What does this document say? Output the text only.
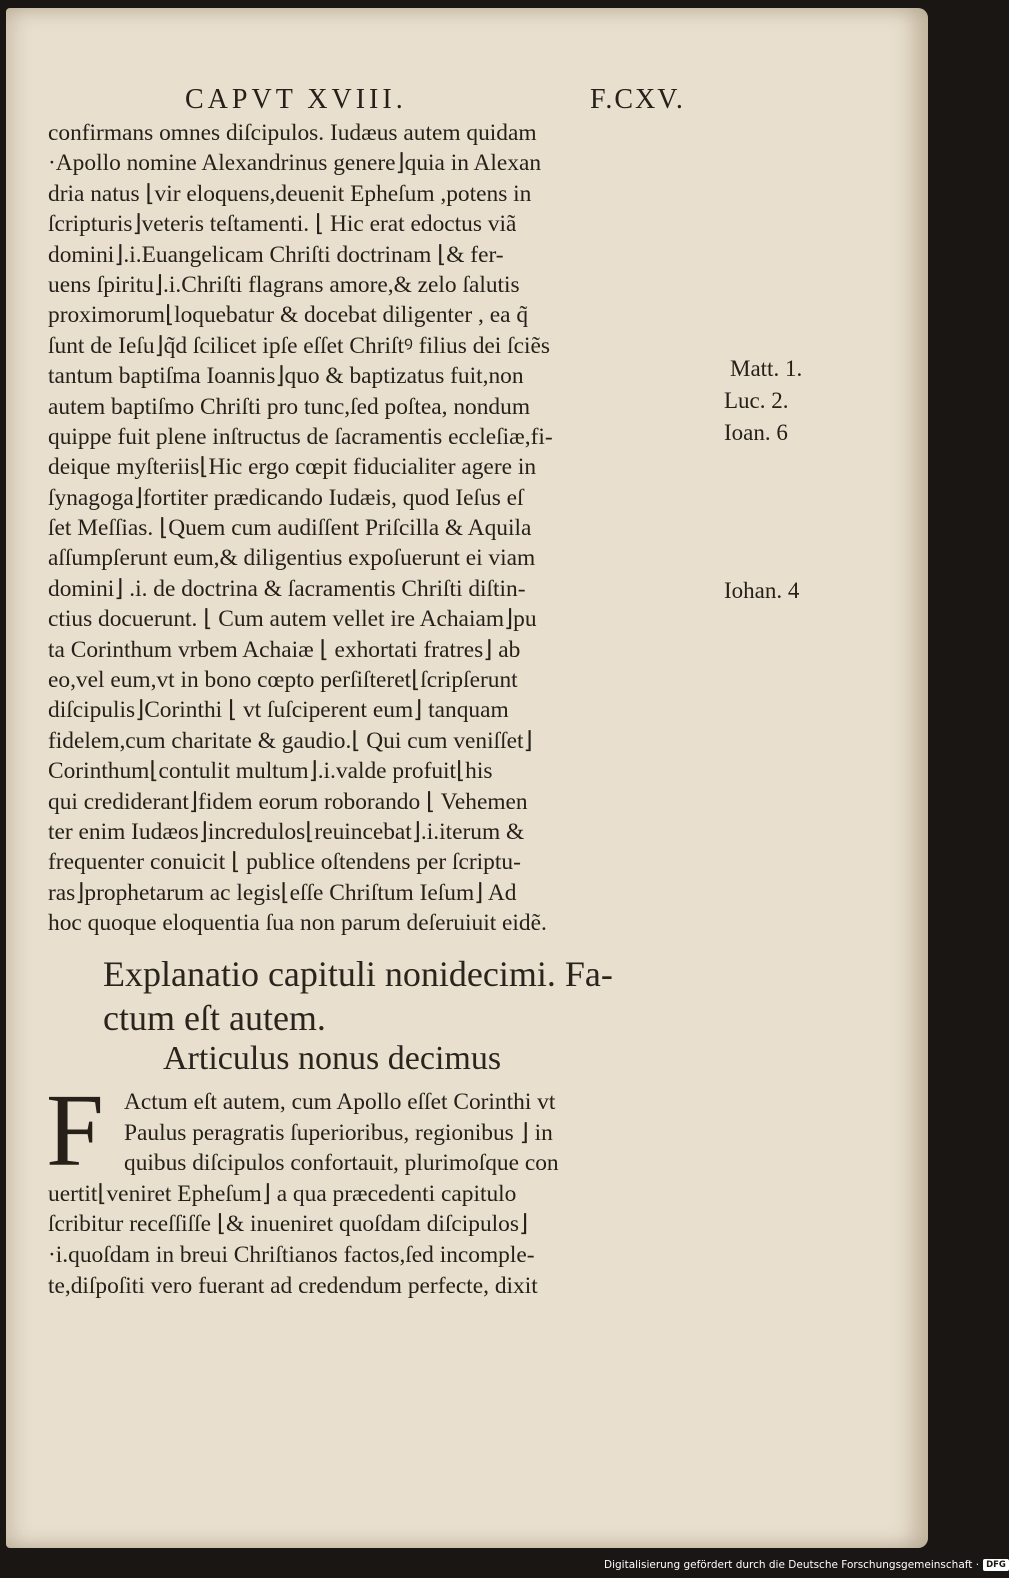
CAPVT XVIII.	F.CXV.
confirmans omnes diſcipulos. Iudæus autem quidam
·Apollo nomine Alexandrinus genere⌋quia in Alexan
dria natus ⌊vir eloquens,deuenit Epheſum ,potens in
ſcripturis⌋veteris teſtamenti. ⌊ Hic erat edoctus viã
domini⌋.i.Euangelicam Chriſti doctrinam ⌊& fer-
uens ſpiritu⌋.i.Chriſti flagrans amore,& zelo ſalutis
proximorum⌊loquebatur & docebat diligenter , ea q̃
ſunt de Ieſu⌋q̃d ſcilicet ipſe eſſet Chriſtꝰ filius dei ſciẽs
tantum baptiſma Ioannis⌋quo & baptizatus fuit,non
autem baptiſmo Chriſti pro tunc,ſed poſtea, nondum
quippe fuit plene inſtructus de ſacramentis eccleſiæ,fi-
deique myſteriis⌊Hic ergo cœpit fiducialiter agere in
ſynagoga⌋fortiter prædicando Iudæis, quod Ieſus eſ
ſet Meſſias. ⌊Quem cum audiſſent Priſcilla & Aquila
aſſumpſerunt eum,& diligentius expoſuerunt ei viam
domini⌋ .i. de doctrina & ſacramentis Chriſti diſtin-
ctius docuerunt. ⌊ Cum autem vellet ire Achaiam⌋pu
ta Corinthum vrbem Achaiæ ⌊ exhortati fratres⌋ ab
eo,vel eum,vt in bono cœpto perſiſteret⌊ſcripſerunt
diſcipulis⌋Corinthi ⌊ vt ſuſciperent eum⌋ tanquam
fidelem,cum charitate & gaudio.⌊ Qui cum veniſſet⌋
Corinthum⌊contulit multum⌋.i.valde profuit⌊his
qui crediderant⌋fidem eorum roborando ⌊ Vehemen
ter enim Iudæos⌋incredulos⌊reuincebat⌋.i.iterum &
frequenter conuicit ⌊ publice oſtendens per ſcriptu-
ras⌋prophetarum ac legis⌊eſſe Chriſtum Ieſum⌋ Ad
hoc quoque eloquentia ſua non parum deſeruiuit eidẽ.
Matt. 1.
Luc. 2.
Ioan. 6
Iohan. 4
Explanatio capituli nonidecimi. Fa-
ctum eſt autem.
Articulus nonus decimus
F Actum eſt autem, cum Apollo eſſet Corinthi vt
Paulus peragratis ſuperioribus, regionibus ⌋ in
quibus diſcipulos confortauit, plurimoſque con
uertit⌊veniret Epheſum⌋ a qua præcedenti capitulo
ſcribitur receſſiſſe ⌊& inueniret quoſdam diſcipulos⌋
·i.quoſdam in breui Chriſtianos factos,ſed incomple-
te,diſpoſiti vero fuerant ad credendum perfecte, dixit
Digitalisierung gefördert durch die Deutsche Forschungsgemeinschaft · DFG
